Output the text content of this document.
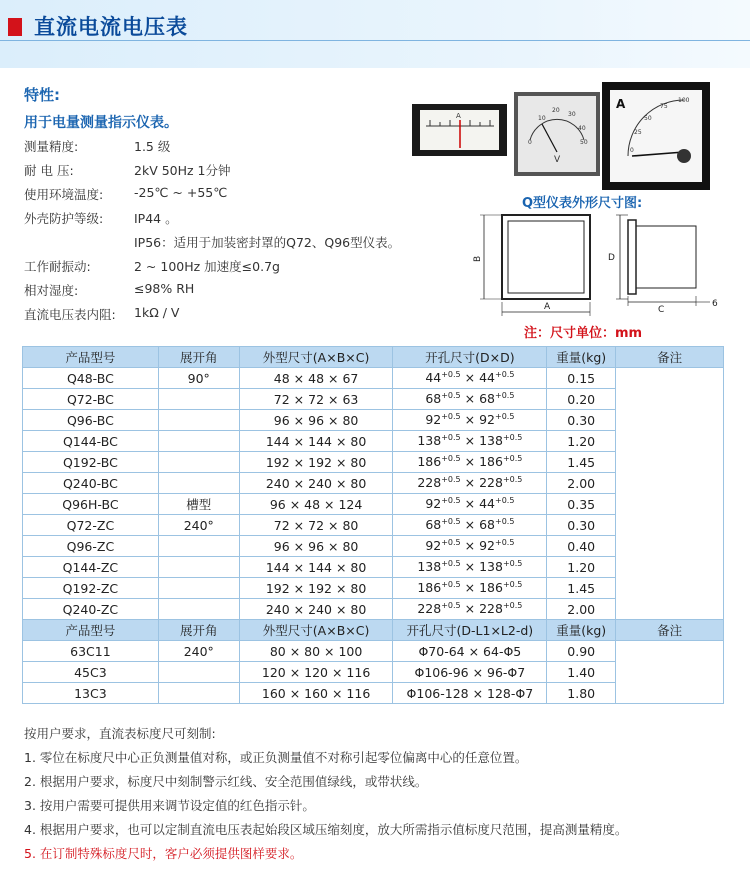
直流电流电压表
特性:
用于电量测量指示仪表。
测量精度:	1.5 级
耐 电 压:	2kV 50Hz 1分钟
使用环境温度: -25℃ ~ +55℃
外壳防护等级: IP44 。
IP56：适用于加装密封罩的Q72、Q96型仪表。
工作耐振动:	2 ~ 100Hz 加速度≤0.7g
相对湿度:	≤98% RH
直流电压表内阻: 1kΩ / V
A
0
10
20
30
40
50
V
0
25
50
75
100
A
Q型仪表外形尺寸图:
B
A
D
C
6
注：尺寸单位：mm
产品型号	展开角	外型尺寸(A×B×C)	开孔尺寸(D×D)	重量(kg)	备注
Q48-BC	90°	48 × 48 × 67	$44^{+0.5} \times 44^{+0.5}$	0.15	
Q72-BC		72 × 72 × 63	$68^{+0.5} \times 68^{+0.5}$	0.20	
Q96-BC		96 × 96 × 80	$92^{+0.5} \times 92^{+0.5}$	0.30	
Q144-BC		144 × 144 × 80	$138^{+0.5} \times 138^{+0.5}$	1.20	
Q192-BC		192 × 192 × 80	$186^{+0.5} \times 186^{+0.5}$	1.45	
Q240-BC		240 × 240 × 80	$228^{+0.5} \times 228^{+0.5}$	2.00	
Q96H-BC	槽型	96 × 48 × 124	$92^{+0.5} \times 44^{+0.5}$	0.35	
Q72-ZC	240°	72 × 72 × 80	$68^{+0.5} \times 68^{+0.5}$	0.30	
Q96-ZC		96 × 96 × 80	$92^{+0.5} \times 92^{+0.5}$	0.40	
Q144-ZC		144 × 144 × 80	$138^{+0.5} \times 138^{+0.5}$	1.20	
Q192-ZC		192 × 192 × 80	$186^{+0.5} \times 186^{+0.5}$	1.45	
Q240-ZC		240 × 240 × 80	$228^{+0.5} \times 228^{+0.5}$	2.00	
产品型号	展开角	外型尺寸(A×B×C)	开孔尺寸(D-L1×L2-d)	重量(kg)	备注
63C11	240°	80 × 80 × 100	Φ70-64 × 64-Φ5	0.90	
45C3		120 × 120 × 116	Φ106-96 × 96-Φ7	1.40	
13C3		160 × 160 × 116	Φ106-128 × 128-Φ7	1.80	
按用户要求，直流表标度尺可刻制:
1. 零位在标度尺中心正负测量值对称，或正负测量值不对称引起零位偏离中心的任意位置。
2. 根据用户要求，标度尺中刻制警示红线、安全范围值绿线，或带状线。
3. 按用户需要可提供用来调节设定值的红色指示针。
4. 根据用户要求，也可以定制直流电压表起始段区域压缩刻度，放大所需指示值标度尺范围，提高测量精度。
5. 在订制特殊标度尺时，客户必须提供图样要求。
